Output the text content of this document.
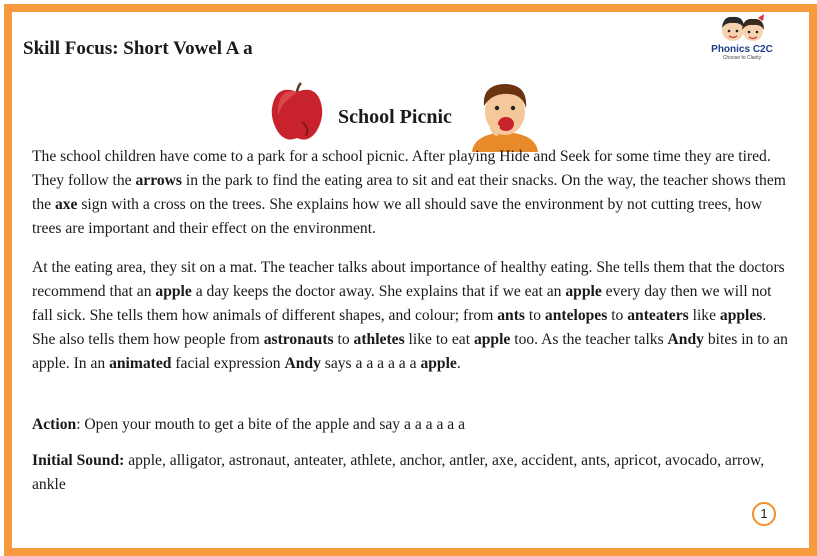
Skill Focus: Short Vowel A a	Phonics C2C
Choose to Clarity
School Picnic

The school children have come to a park for a school picnic. After playing Hide and Seek for some time they are tired. They follow the arrows in the park to find the eating area to sit and eat their snacks. On the way, the teacher shows them the axe sign with a cross on the trees. She explains how we all should save the environment by not cutting trees, how trees are important and their effect on the environment.

At the eating area, they sit on a mat. The teacher talks about importance of healthy eating. She tells them that the doctors recommend that an apple a day keeps the doctor away. She explains that if we eat an apple every day then we will not fall sick. She tells them how animals of different shapes, and colour; from ants to antelopes to anteaters like apples. She also tells them how people from astronauts to athletes like to eat apple too. As the teacher talks Andy bites in to an apple. In an animated facial expression Andy says a a a a a a apple.

Action: Open your mouth to get a bite of the apple and say a a a a a a

Initial Sound: apple, alligator, astronaut, anteater, athlete, anchor, antler, axe, accident, ants, apricot, avocado, arrow, ankle

1
